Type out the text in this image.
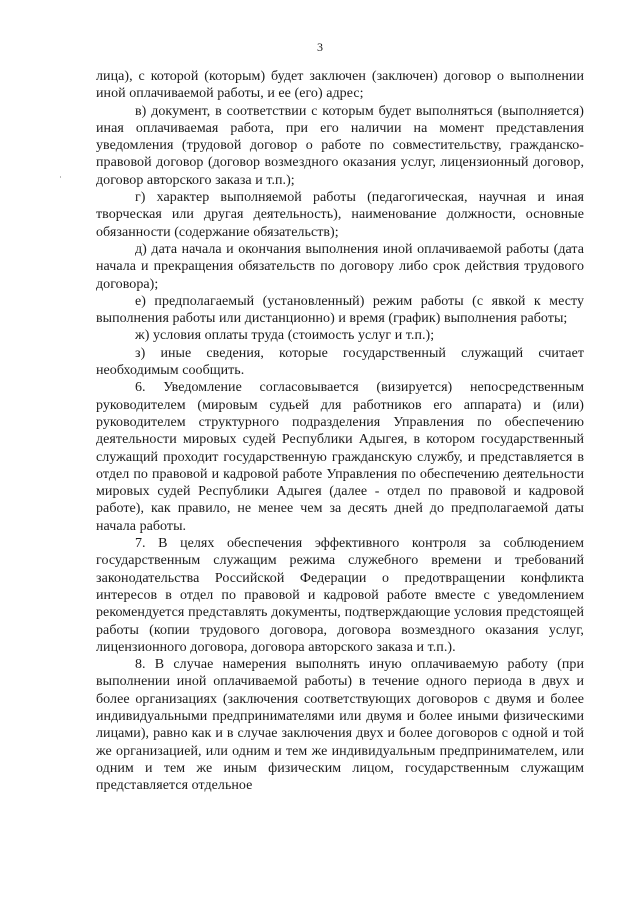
3

лица), с которой (которым) будет заключен (заключен) договор о выполнении иной оплачиваемой работы, и ее (его) адрес;

в) документ, в соответствии с которым будет выполняться (выполняется) иная оплачиваемая работа, при его наличии на момент представления уведомления (трудовой договор о работе по совместительству, гражданско-правовой договор (договор возмездного оказания услуг, лицензионный договор, договор авторского заказа и т.п.);

г) характер выполняемой работы (педагогическая, научная и иная творческая или другая деятельность), наименование должности, основные обязанности (содержание обязательств);

д) дата начала и окончания выполнения иной оплачиваемой работы (дата начала и прекращения обязательств по договору либо срок действия трудового договора);

е) предполагаемый (установленный) режим работы (с явкой к месту выполнения работы или дистанционно) и время (график) выполнения работы;

ж) условия оплаты труда (стоимость услуг и т.п.);

з) иные сведения, которые государственный служащий считает необходимым сообщить.

6. Уведомление согласовывается (визируется) непосредственным руководителем (мировым судьей для работников его аппарата) и (или) руководителем структурного подразделения Управления по обеспечению деятельности мировых судей Республики Адыгея, в котором государственный служащий проходит государственную гражданскую службу, и представляется в отдел по правовой и кадровой работе Управления по обеспечению деятельности мировых судей Республики Адыгея (далее - отдел по правовой и кадровой работе), как правило, не менее чем за десять дней до предполагаемой даты начала работы.

7. В целях обеспечения эффективного контроля за соблюдением государственным служащим режима служебного времени и требований законодательства Российской Федерации о предотвращении конфликта интересов в отдел по правовой и кадровой работе вместе с уведомлением рекомендуется представлять документы, подтверждающие условия предстоящей работы (копии трудового договора, договора возмездного оказания услуг, лицензионного договора, договора авторского заказа и т.п.).

8. В случае намерения выполнять иную оплачиваемую работу (при выполнении иной оплачиваемой работы) в течение одного периода в двух и более организациях (заключения соответствующих договоров с двумя и более индивидуальными предпринимателями или двумя и более иными физическими лицами), равно как и в случае заключения двух и более договоров с одной и той же организацией, или одним и тем же индивидуальным предпринимателем, или одним и тем же иным физическим лицом, государственным служащим представляется отдельное
